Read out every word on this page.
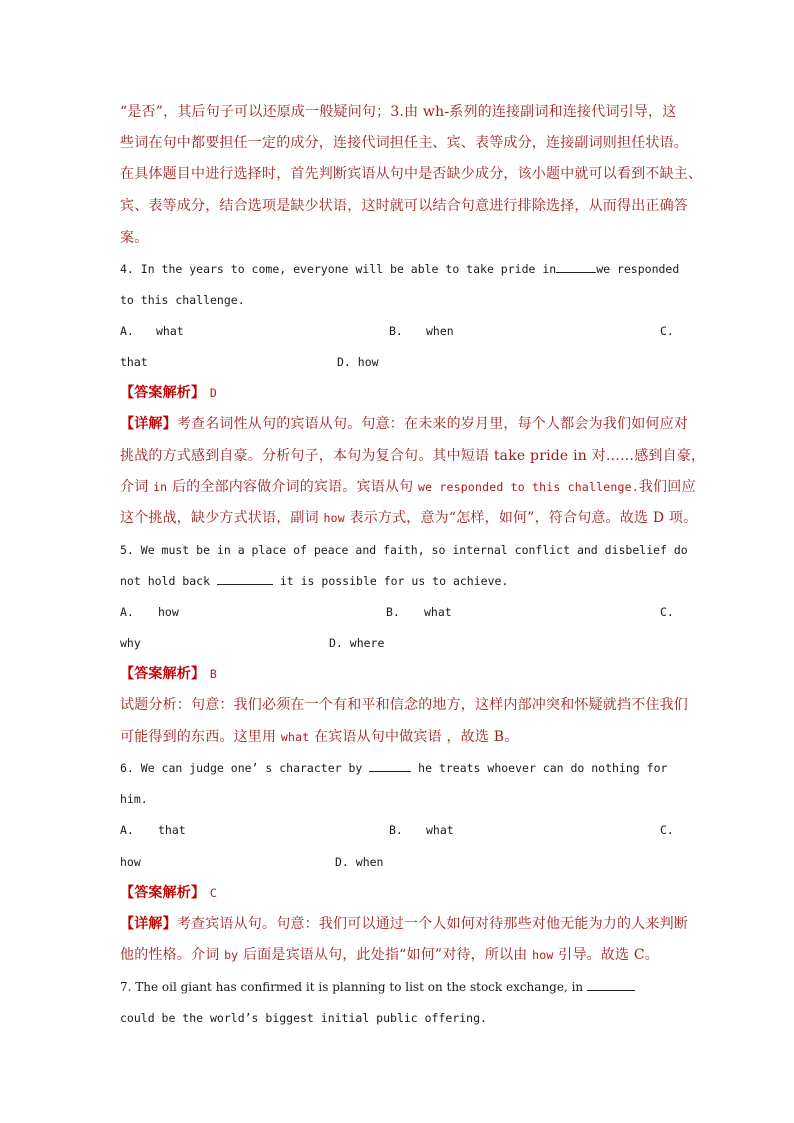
“是否”，其后句子可以还原成一般疑问句；3.由 wh-系列的连接副词和连接代词引导，这
些词在句中都要担任一定的成分，连接代词担任主、宾、表等成分，连接副词则担任状语。
在具体题目中进行选择时，首先判断宾语从句中是否缺少成分，该小题中就可以看到不缺主、
宾、表等成分，结合选项是缺少状语，这时就可以结合句意进行排除选择，从而得出正确答
案。
4. In the years to come, everyone will be able to take pride in	we responded
to this challenge.
A. what	B. when	C.
that	D. how
【答案解析】 D
【详解】考查名词性从句的宾语从句。句意：在未来的岁月里，每个人都会为我们如何应对
挑战的方式感到自豪。分析句子，本句为复合句。其中短语 take pride in 对……感到自豪，
介词 in 后的全部内容做介词的宾语。宾语从句 we responded to this challenge.我们回应
这个挑战，缺少方式状语，副词 how 表示方式，意为“怎样，如何”，符合句意。故选 D 项。
5. We must be in a place of peace and faith, so internal conflict and disbelief do
not hold back	it is possible for us to achieve.
A. how	B. what	C.
why	D. where
【答案解析】 B
试题分析：句意：我们必须在一个有和平和信念的地方，这样内部冲突和怀疑就挡不住我们
可能得到的东西。这里用 what 在宾语从句中做宾语 ，故选 B。
6. We can judge one’ s character by	he treats whoever can do nothing for
him.
A. that	B. what	C.
how	D. when
【答案解析】 C
【详解】考查宾语从句。句意：我们可以通过一个人如何对待那些对他无能为力的人来判断
他的性格。介词 by 后面是宾语从句，此处指“如何”对待，所以由 how 引导。故选 C。
7. The oil giant has confirmed it is planning to list on the stock exchange, in
could be the world’s biggest initial public offering.
